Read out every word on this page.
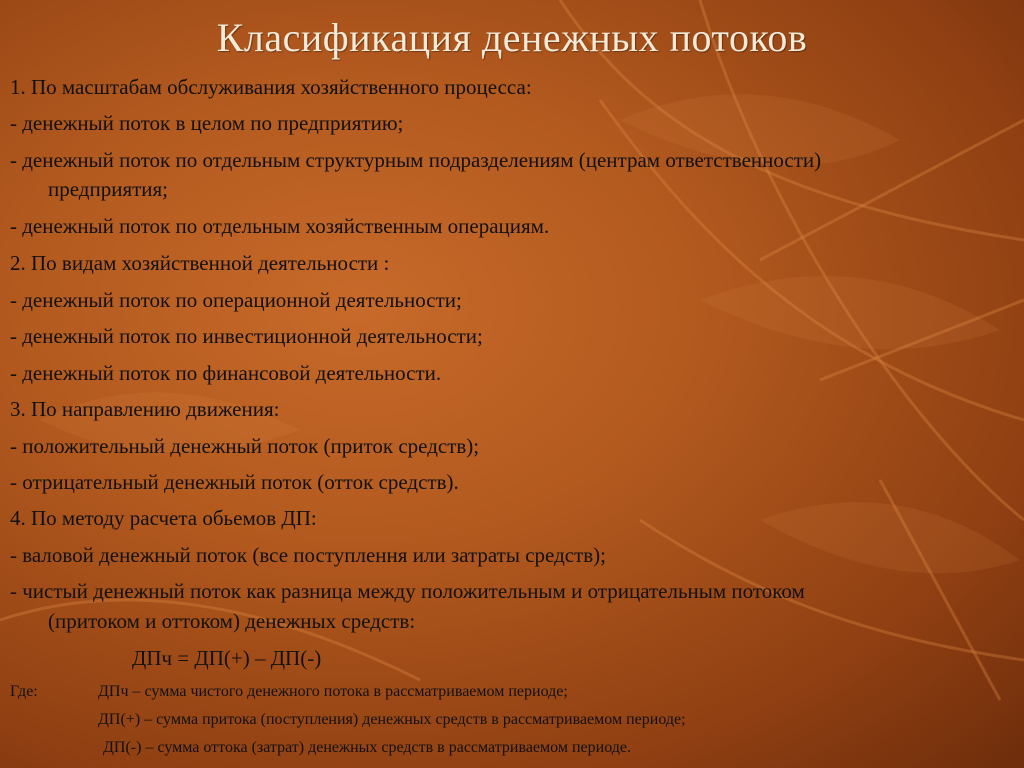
Класификация денежных потоков
1. По масштабам обслуживания хозяйственного процесса:
- денежный поток в целом по предприятию;
- денежный поток по отдельным структурным подразделениям (центрам ответственности)
предприятия;
- денежный поток по отдельным хозяйственным операциям.
2. По видам хозяйственной деятельности :
- денежный поток по операционной деятельности;
- денежный поток по инвестиционной деятельности;
- денежный поток по финансовой деятельности.
3. По направлению движения:
- положительный денежный поток (приток средств);
- отрицательный денежный поток (отток средств).
4. По методу расчета обьемов ДП:
- валовой денежный поток (все поступлення или затраты средств);
- чистый денежный поток как разница между положительным и отрицательным потоком
(притоком и оттоком) денежных средств:
ДПч = ДП(+) – ДП(-)
Где:	ДПч – сумма чистого денежного потока в рассматриваемом периоде;
ДП(+) – сумма притока (поступления) денежных средств в рассматриваемом периоде;
ДП(-) – сумма оттока (затрат) денежных средств в рассматриваемом периоде.
